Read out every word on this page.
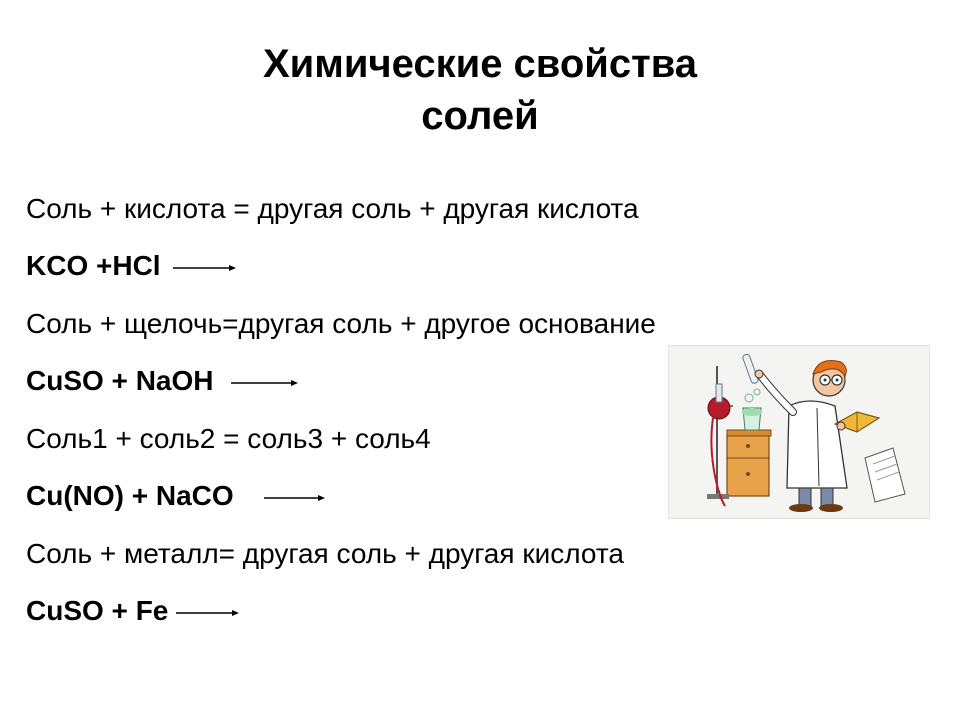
Химические свойства
солей
Соль + кислота = другая соль + другая кислота
KCO +HCl →
Соль + щелочь=другая соль + другое основание
CuSO + NaOH →
Соль1 + соль2 = соль3 + соль4
Cu(NO) + NaCO →
Соль + металл= другая соль + другая кислота
CuSO + Fe →
